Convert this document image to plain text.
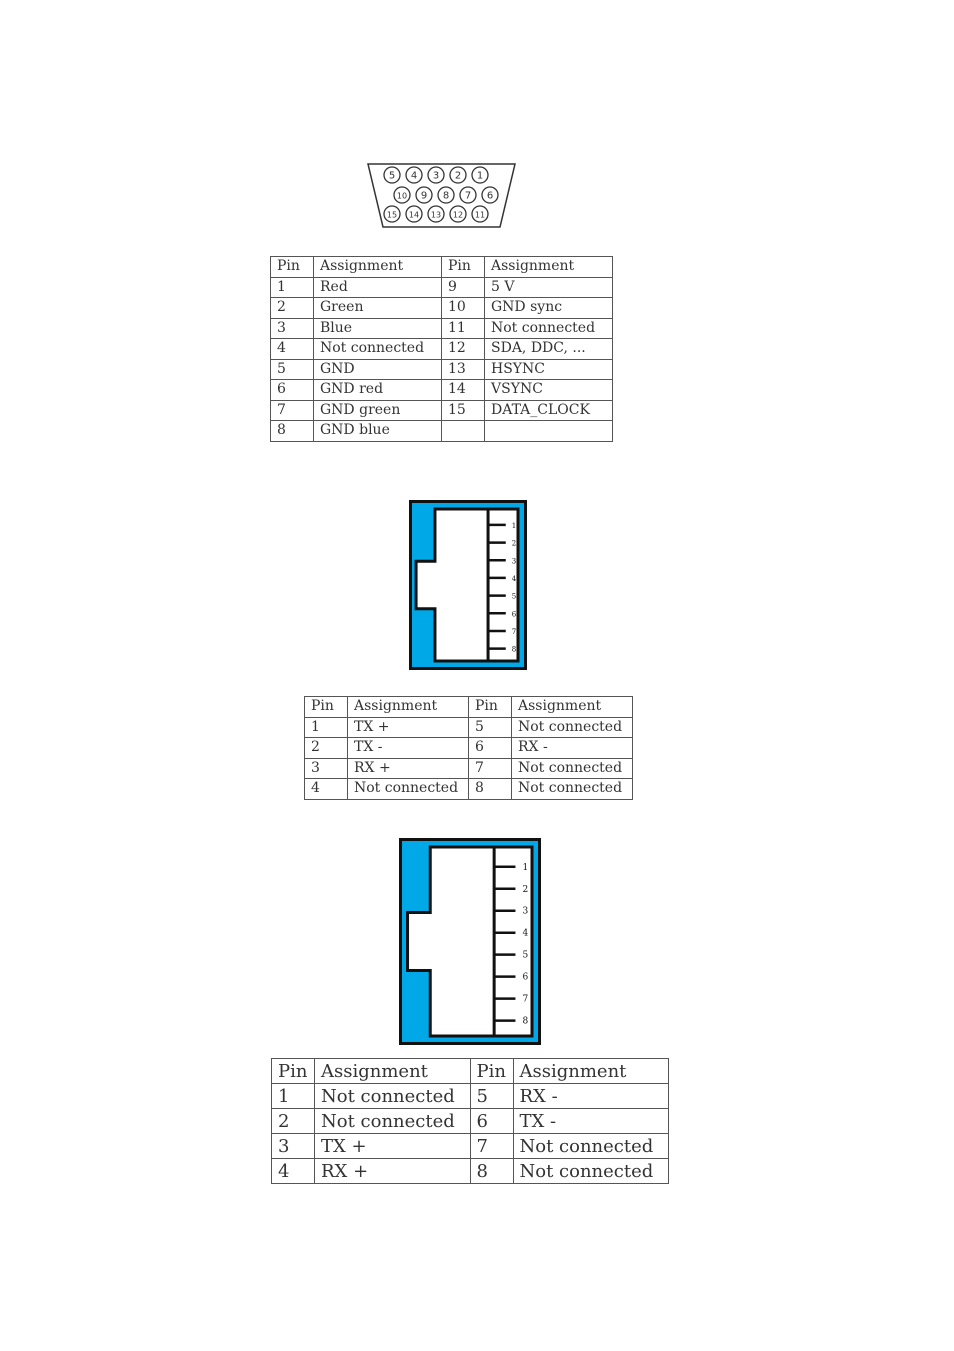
5 4 3 2 1
10 9 8 7 6
15 14 13 12 11
Pin	Assignment	Pin	Assignment
1	Red	9	5 V
2	Green	10	GND sync
3	Blue	11	Not connected
4	Not connected	12	SDA, DDC, ...
5	GND	13	HSYNC
6	GND red	14	VSYNC
7	GND green	15	DATA_CLOCK
8	GND blue		
1
2
3
4
5
6
7
8
Pin	Assignment	Pin	Assignment
1	TX +	5	Not connected
2	TX -	6	RX -
3	RX +	7	Not connected
4	Not connected	8	Not connected
1
2
3
4
5
6
7
8
Pin	Assignment	Pin	Assignment
1	Not connected	5	RX -
2	Not connected	6	TX -
3	TX +	7	Not connected
4	RX +	8	Not connected
